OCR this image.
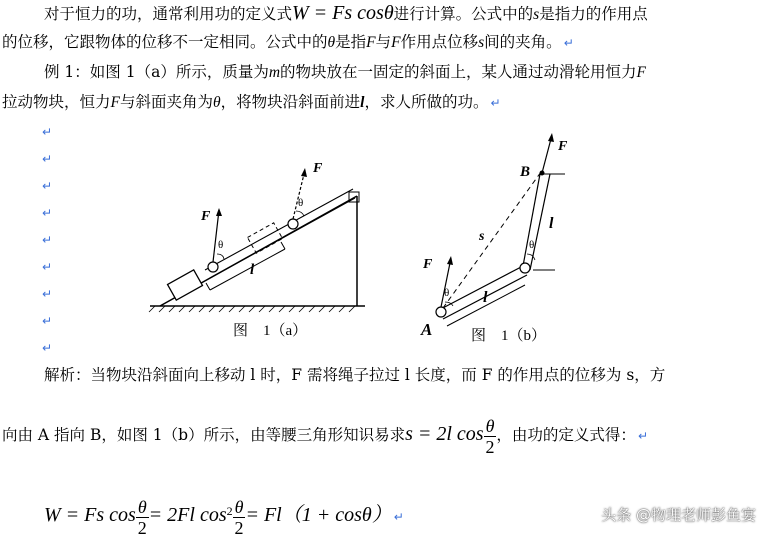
对于恒力的功，通常利用功的定义式W = Fs cosθ进行计算。公式中的s是指力的作用点
的位移，它跟物体的位移不一定相同。公式中的θ是指F与F作用点位移s间的夹角。 ↵
例 1：如图 1（a）所示，质量为m的物块放在一固定的斜面上，某人通过动滑轮用恒力F
拉动物块，恒力F与斜面夹角为θ，将物块沿斜面前进l，求人所做的功。 ↵
↵
↵
↵
↵
↵
↵
↵
↵
↵
F
F
θ
θ
l
图　1（a）	A
B
F
F
θ
θ
l
l
s
图　1（b）
解析：当物块沿斜面向上移动 l 时，F 需将绳子拉过 l 长度，而 F 的作用点的位移为 s，方
向由 A 指向 B，如图 1（b）所示，由等腰三角形知识易求s = 2l $\cos \frac{\theta}{2}$ ，由功的定义式得： ↵
W = Fs $\cos \frac{\theta}{2} = 2Fl$ $\cos^2 \frac{\theta}{2} = Fl(1 + \cos\theta)$ ↵	头条 @物理老师彭鱼宴
